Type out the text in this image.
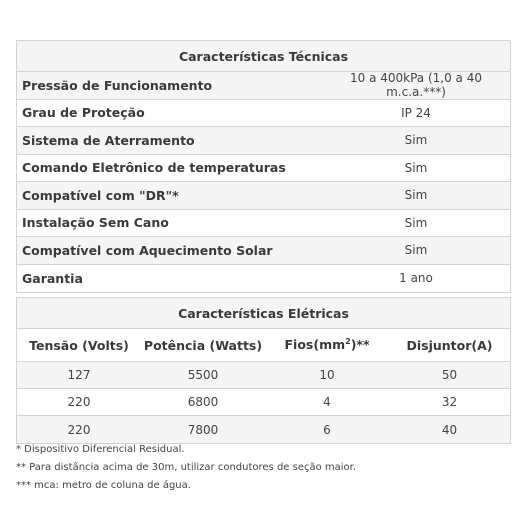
Características Técnicas
Pressão de Funcionamento	10 a 400kPa (1,0 a 40 m.c.a.***)
Grau de Proteção	IP 24
Sistema de Aterramento	Sim
Comando Eletrônico de temperaturas	Sim
Compatível com "DR"*	Sim
Instalação Sem Cano	Sim
Compatível com Aquecimento Solar	Sim
Garantia	1 ano
Características Elétricas
Tensão (Volts)	Potência (Watts)	$Fios(mm^2)**$	Disjuntor(A)
127	5500	10	50
220	6800	4	32
220	7800	6	40
* Dispositivo Diferencial Residual.
** Para distância acima de 30m, utilizar condutores de seção maior.
*** mca: metro de coluna de água.
